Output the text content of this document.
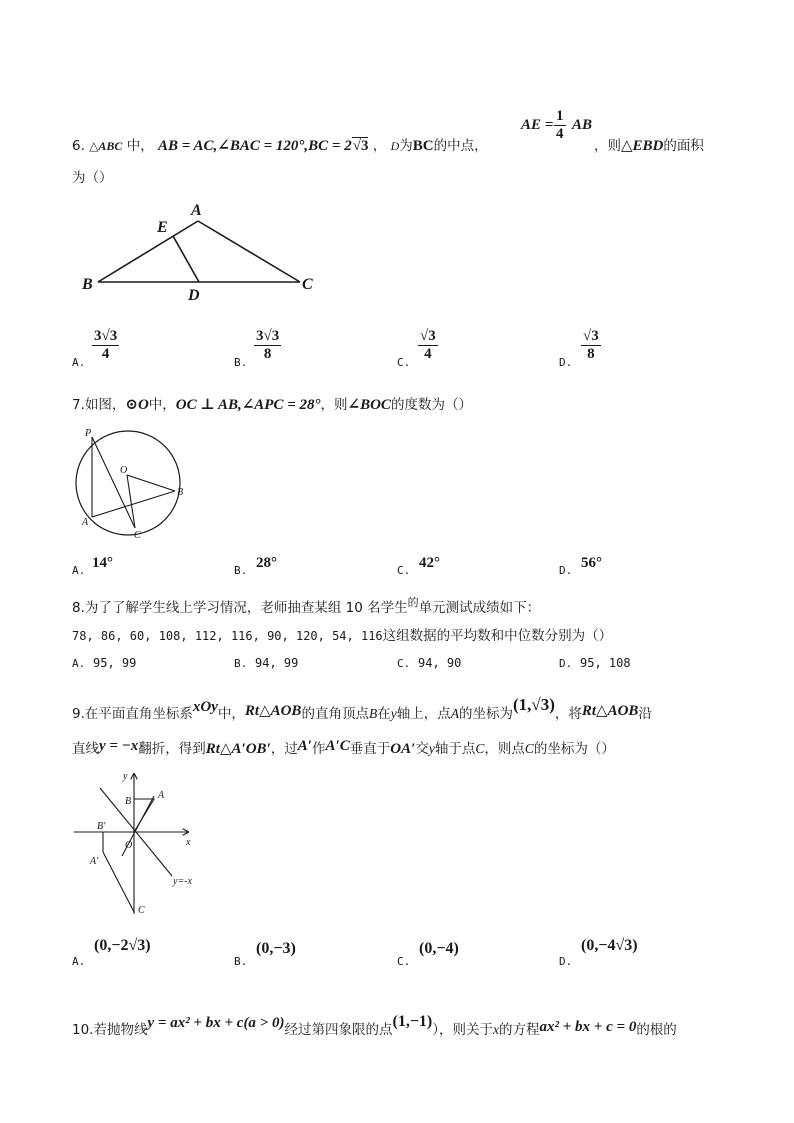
6. △ABC 中， AB = AC,∠BAC = 120°,BC = 2√3 ， D为BC的中点，
AE = $\frac{1}{4}$ AB
，则△EBD的面积
为（）
A
B	C
D
E
A. $\frac{3√3}{4}$	B. $\frac{3√3}{8}$	C. $\frac{√3}{4}$	D. $\frac{√3}{8}$
7.如图，⊙O中，OC ⊥ AB,∠APC = 28°，则∠BOC的度数为（）
P
O
B
A
C
A. 14°	B. 28°	C. 42°	D. 56°
8.为了了解学生线上学习情况，老师抽查某组 10 名学生$^的$单元测试成绩如下：
78, 86, 60, 108, 112, 116, 90, 120, 54, 116这组数据的平均数和中位数分别为（）
A. 95, 99	B. 94, 99	C. 94, 90	D. 95, 108
9.在平面直角坐标系xOy中，Rt△AOB的直角顶点B在y轴上，点A的坐标为(1,√3)，将Rt△AOB沿
直线y = −x翻折，得到Rt△A′OB′，过A′作A′C垂直于OA′交y轴于点C，则点C的坐标为（）
y
x
O
B
A
B′
A′
C
y=-x
A.
(0,−2√3)
B.
(0,−3)
C.
(0,−4)
D.
(0,−4√3)
10.若抛物线y = ax² + bx + c(a > 0)经过第四象限的点(1,−1)），则关于x的方程ax² + bx + c = 0的根的
